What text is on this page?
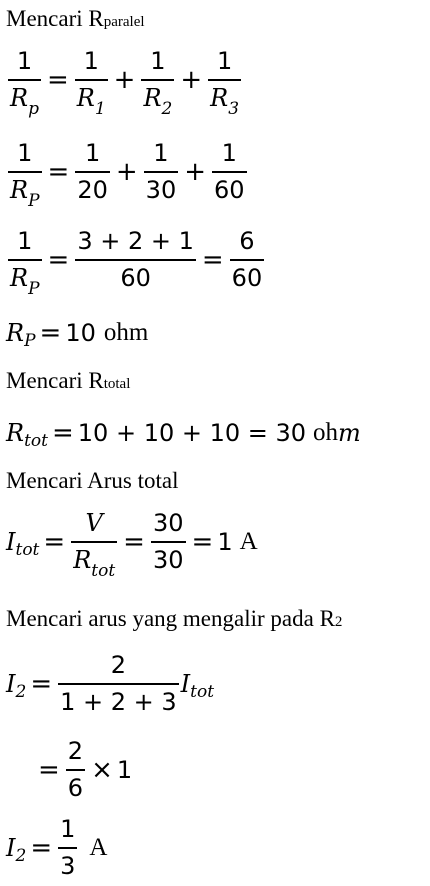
Mencari Rparalel
$\frac{1}{\text{R p}} = \frac{1}{R 1} + \frac{1}{R 2} + \frac{1}{R 3}$
$\frac{1}{\text{R P}} = \frac{1}{20} + \frac{1}{30} + \frac{1}{60}$
$\frac{1}{\text{R P}} = \frac{3 + 2 + 1}{60} = \frac{6}{60}$
R P = 10 ohm
Mencari Rtotal
R tot = 10 + 10 + 10 = 30 oh m
Mencari Arus total
I tot = $\frac{V}{\text{R tot}} = \frac{30}{30} = 1$ A
Mencari arus yang mengalir pada R2
I $2 = \frac{2}{1 + 2 + 3}$ I tot
= $\frac{2}{6} \times 1$
I $2 = \frac{1}{3}$ A
